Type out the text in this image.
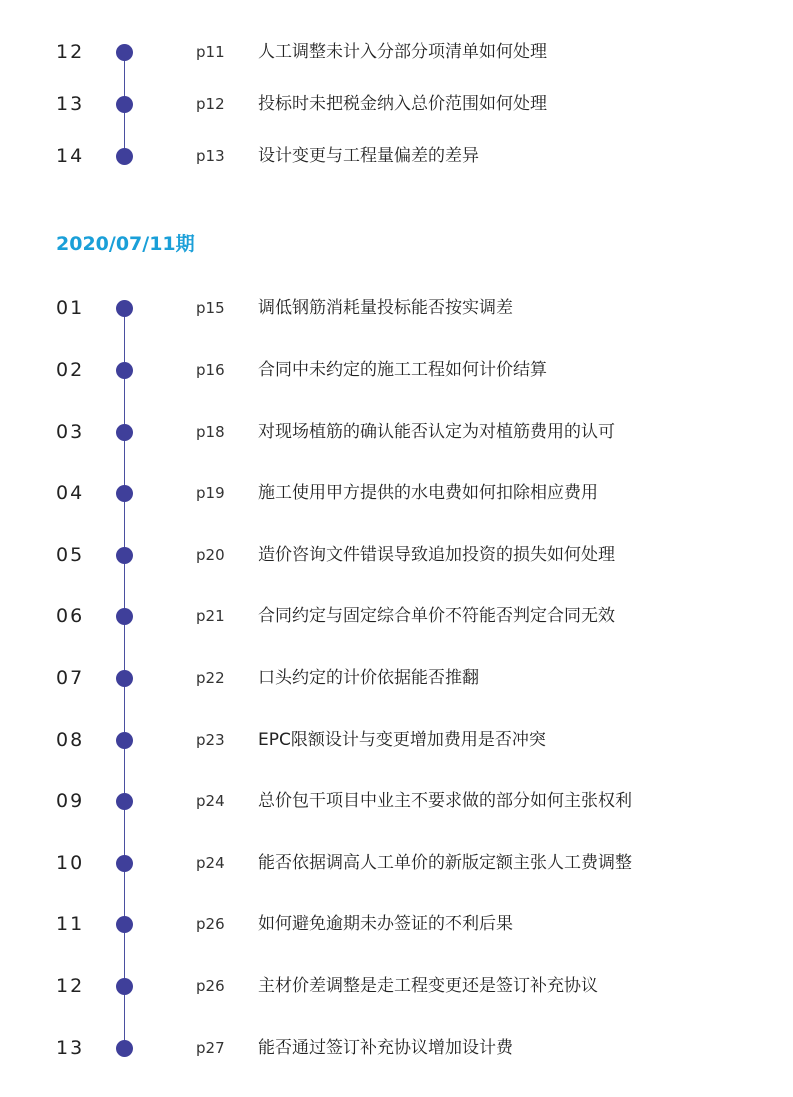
12	p11 人工调整未计入分部分项清单如何处理
13	p12 投标时未把税金纳入总价范围如何处理
14	p13 设计变更与工程量偏差的差异
2020/07/11期
01	p15 调低钢筋消耗量投标能否按实调差
02	p16 合同中未约定的施工工程如何计价结算
03	p18 对现场植筋的确认能否认定为对植筋费用的认可
04	p19 施工使用甲方提供的水电费如何扣除相应费用
05	p20 造价咨询文件错误导致追加投资的损失如何处理
06	p21 合同约定与固定综合单价不符能否判定合同无效
07	p22 口头约定的计价依据能否推翻
08	p23 EPC限额设计与变更增加费用是否冲突
09	p24 总价包干项目中业主不要求做的部分如何主张权利
10	p24 能否依据调高人工单价的新版定额主张人工费调整
11	p26 如何避免逾期未办签证的不利后果
12	p26 主材价差调整是走工程变更还是签订补充协议
13	p27 能否通过签订补充协议增加设计费
